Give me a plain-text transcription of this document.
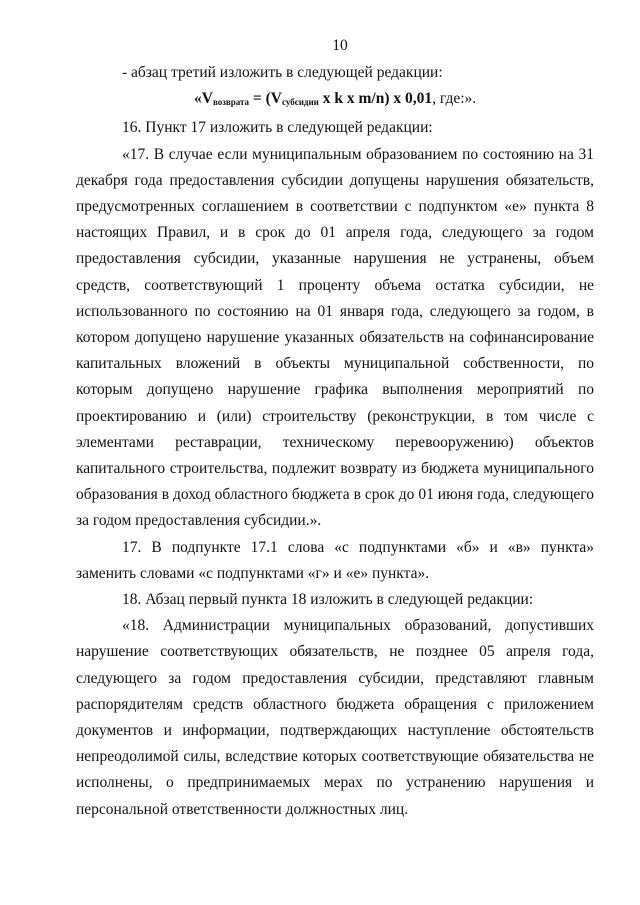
10

- абзац третий изложить в следующей редакции:

«$V_{возврата} = (V_{субсидии}$ x k x m/n) x 0,01, где:».

16. Пункт 17 изложить в следующей редакции:

«17. В случае если муниципальным образованием по состоянию на 31 декабря года предоставления субсидии допущены нарушения обязательств, предусмотренных соглашением в соответствии с подпунктом «е» пункта 8 настоящих Правил, и в срок до 01 апреля года, следующего за годом предоставления субсидии, указанные нарушения не устранены, объем средств, соответствующий 1 проценту объема остатка субсидии, не использованного по состоянию на 01 января года, следующего за годом, в котором допущено нарушение указанных обязательств на софинансирование капитальных вложений в объекты муниципальной собственности, по которым допущено нарушение графика выполнения мероприятий по проектированию и (или) строительству (реконструкции, в том числе с элементами реставрации, техническому перевооружению) объектов капитального строительства, подлежит возврату из бюджета муниципального образования в доход областного бюджета в срок до 01 июня года, следующего за годом предоставления субсидии.».

17. В подпункте 17.1 слова «с подпунктами «б» и «в» пункта» заменить словами «с подпунктами «г» и «е» пункта».

18. Абзац первый пункта 18 изложить в следующей редакции:

«18. Администрации муниципальных образований, допустивших нарушение соответствующих обязательств, не позднее 05 апреля года, следующего за годом предоставления субсидии, представляют главным распорядителям средств областного бюджета обращения с приложением документов и информации, подтверждающих наступление обстоятельств непреодолимой силы, вследствие которых соответствующие обязательства не исполнены, о предпринимаемых мерах по устранению нарушения и персональной ответственности должностных лиц.
